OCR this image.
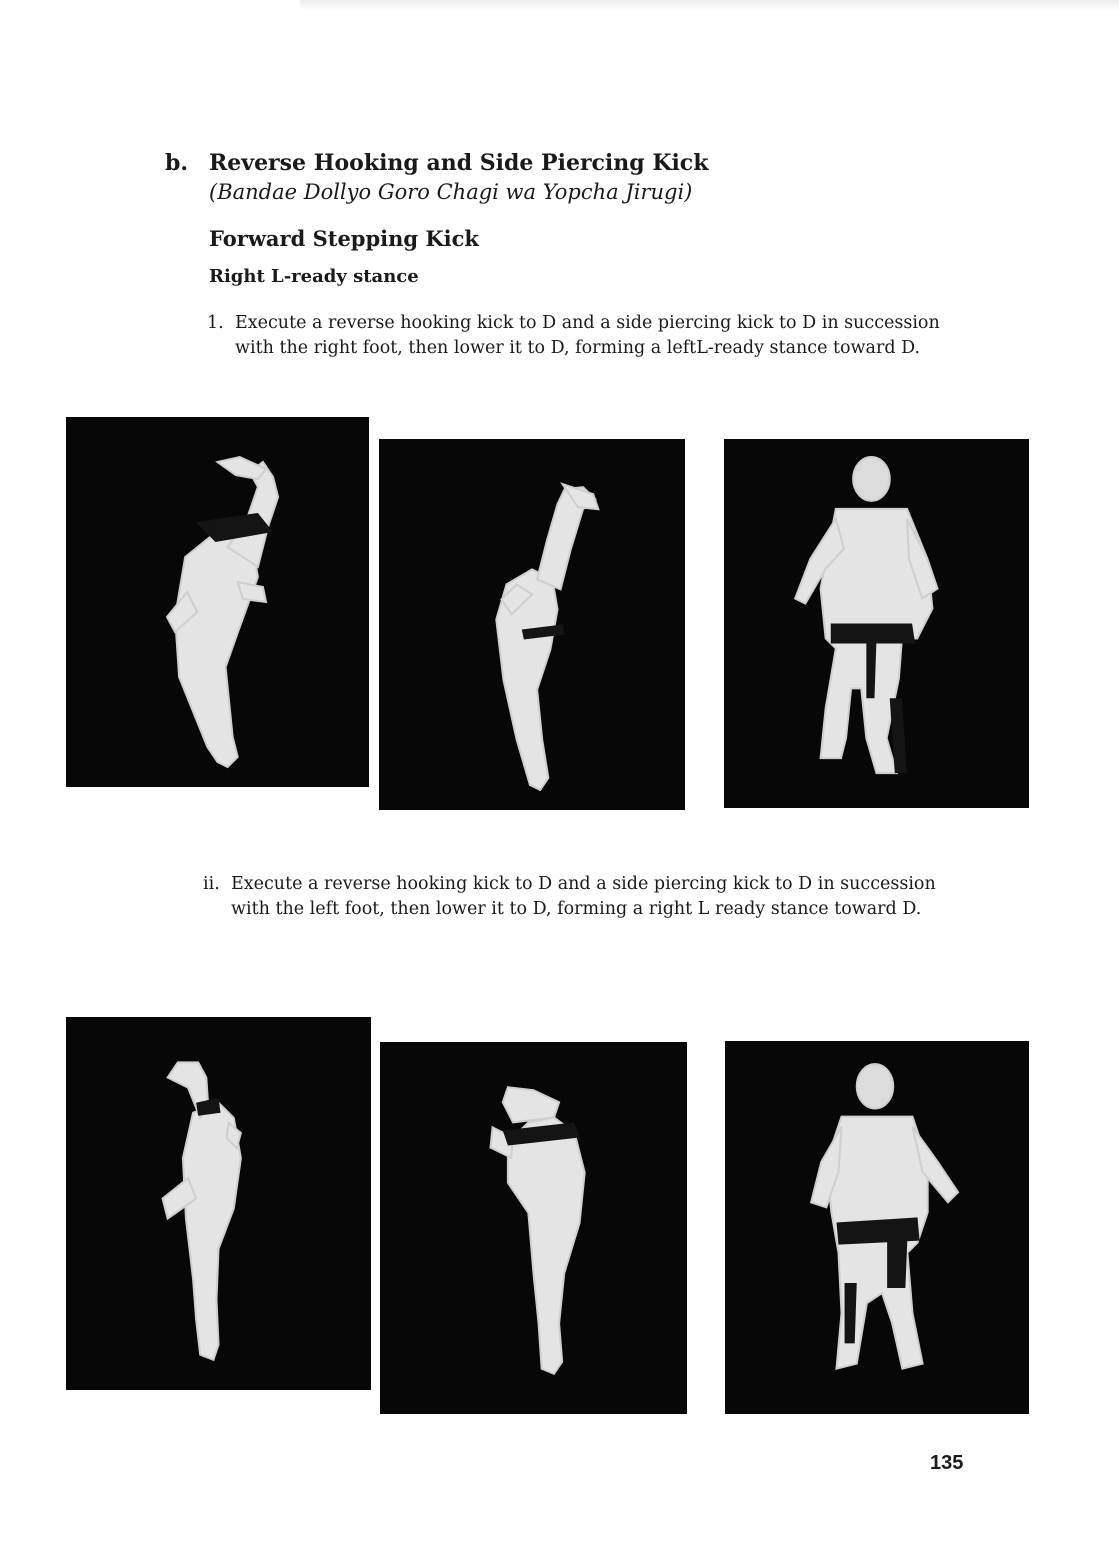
b. Reverse Hooking and Side Piercing Kick
(Bandae Dollyo Goro Chagi wa Yopcha Jirugi)
Forward Stepping Kick
Right L-ready stance
1. Execute a reverse hooking kick to D and a side piercing kick to D in succession with the right foot, then lower it to D, forming a leftL-ready stance toward D.
ii. Execute a reverse hooking kick to D and a side piercing kick to D in succession with the left foot, then lower it to D, forming a right L ready stance toward D.
135
